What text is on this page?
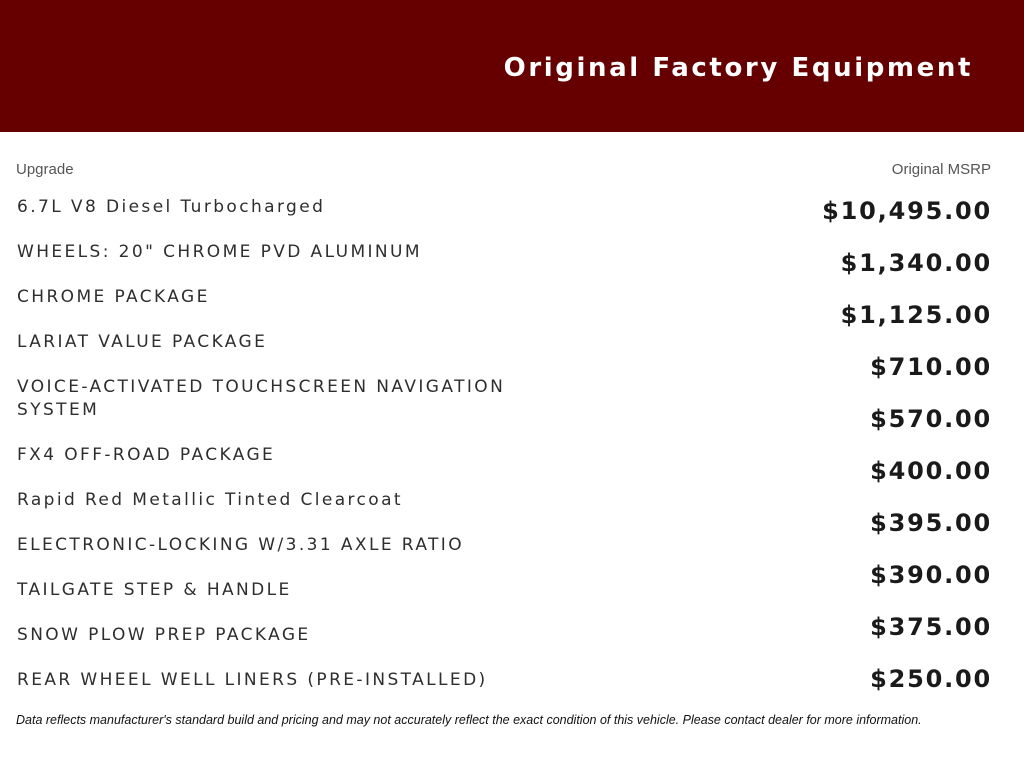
Original Factory Equipment
Upgrade	Original MSRP
6.7L V8 Diesel Turbocharged
WHEELS: 20" CHROME PVD ALUMINUM
CHROME PACKAGE
LARIAT VALUE PACKAGE
VOICE-ACTIVATED TOUCHSCREEN NAVIGATION SYSTEM
FX4 OFF-ROAD PACKAGE
Rapid Red Metallic Tinted Clearcoat
ELECTRONIC-LOCKING W/3.31 AXLE RATIO
TAILGATE STEP & HANDLE
SNOW PLOW PREP PACKAGE
REAR WHEEL WELL LINERS (PRE-INSTALLED)
$10,495.00
$1,340.00
$1,125.00
$710.00
$570.00
$400.00
$395.00
$390.00
$375.00
$250.00
Data reflects manufacturer's standard build and pricing and may not accurately reflect the exact condition of this vehicle. Please contact dealer for more information.
